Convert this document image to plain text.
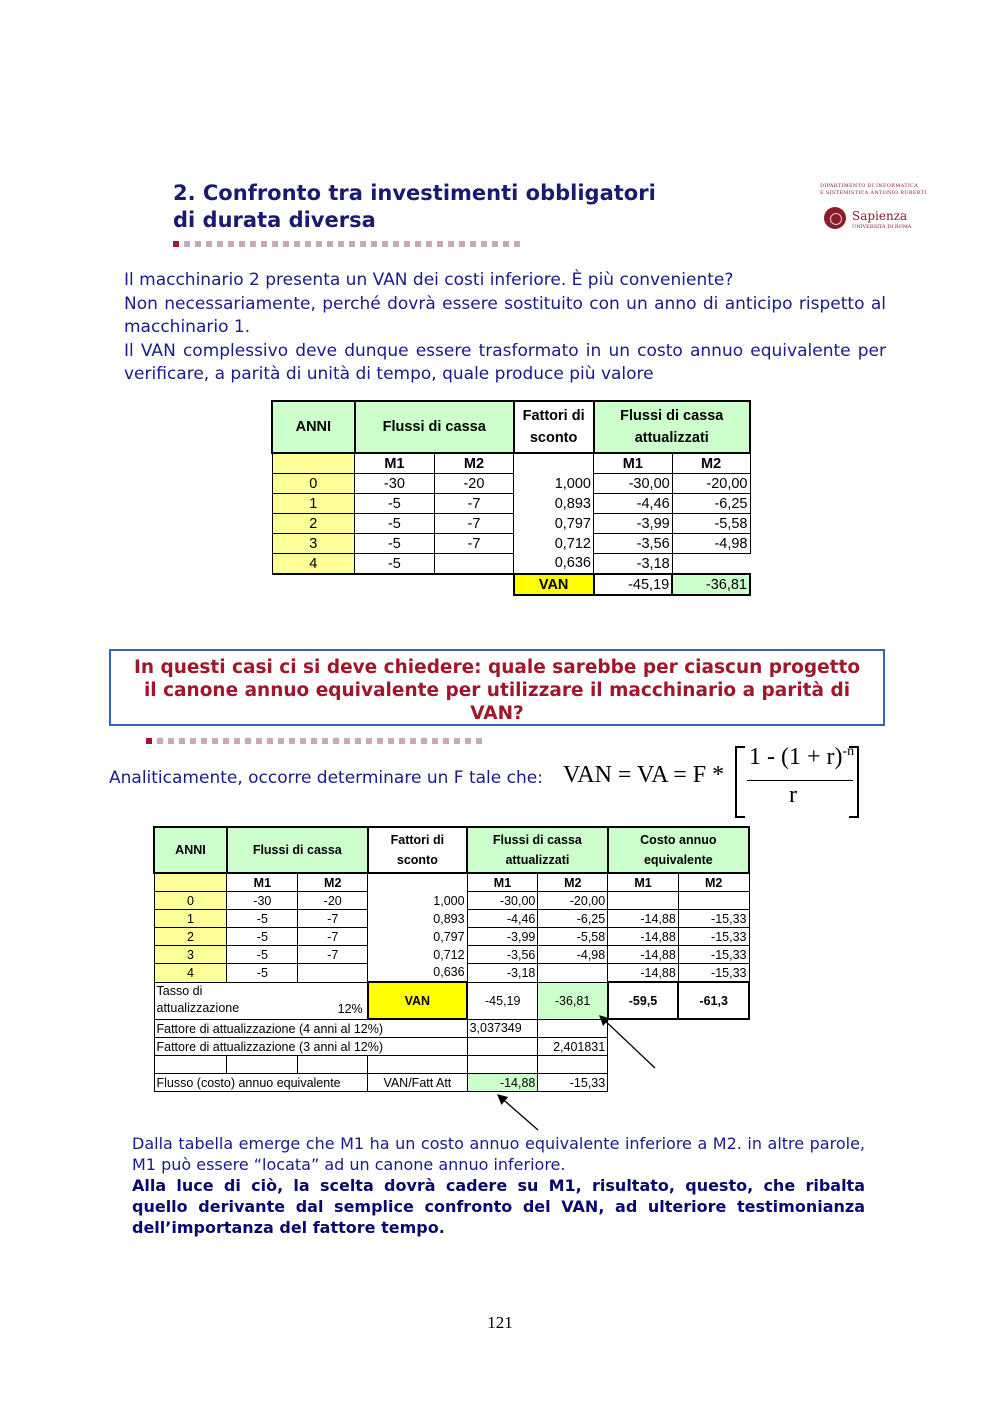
2. Confronto tra investimenti obbligatori
di durata diversa
DIPARTIMENTO DI INFORMATICA
E SISTEMISTICA ANTONIO RUBERTI
Sapienza
UNIVERSITÀ DI ROMA

Il macchinario 2 presenta un VAN dei costi inferiore. È più conveniente?

Non necessariamente, perché dovrà essere sostituito con un anno di anticipo rispetto al macchinario 1.

Il VAN complessivo deve dunque essere trasformato in un costo annuo equivalente per verificare, a parità di unità di tempo, quale produce più valore

ANNI	Flussi di cassa		Fattori di
sconto	Flussi di cassa
attualizzati	
	M1	M2		M1	M2
0	-30	-20	1,000	-30,00	-20,00
1	-5	-7	0,893	-4,46	-6,25
2	-5	-7	0,797	-3,99	-5,58
3	-5	-7	0,712	-3,56	-4,98
4	-5		0,636	-3,18	
			VAN	-45,19	-36,81
In questi casi ci si deve chiedere: quale sarebbe per ciascun progetto il canone annuo equivalente per utilizzare il macchinario a parità di VAN?
Analiticamente, occorre determinare un F tale che: VAN = VA = F *
$1 - (1 + r)^{-n}$
r
ANNI	Flussi di cassa		Fattori di
sconto	Flussi di cassa
attualizzati		Costo annuo
equivalente	
	M1	M2		M1	M2	M1	M2
0	-30	-20	1,000	-30,00	-20,00		
1	-5	-7	0,893	-4,46	-6,25	-14,88	-15,33
2	-5	-7	0,797	-3,99	-5,58	-14,88	-15,33
3	-5	-7	0,712	-3,56	-4,98	-14,88	-15,33
4	-5		0,636	-3,18		-14,88	-15,33
Tasso di
attualizzazione 12%			VAN	-45,19	-36,81	-59,5	-61,3
Fattore di attualizzazione (4 anni al 12%)				3,037349			
Fattore di attualizzazione (3 anni al 12%)					2,401831		

Flusso (costo) annuo equivalente			VAN/Fatt Att	-14,88	-15,33		

Dalla tabella emerge che M1 ha un costo annuo equivalente inferiore a M2. in altre parole, M1 può essere “locata” ad un canone annuo inferiore.

Alla luce di ciò, la scelta dovrà cadere su M1, risultato, questo, che ribalta quello derivante dal semplice confronto del VAN, ad ulteriore testimonianza dell’importanza del fattore tempo.

121
